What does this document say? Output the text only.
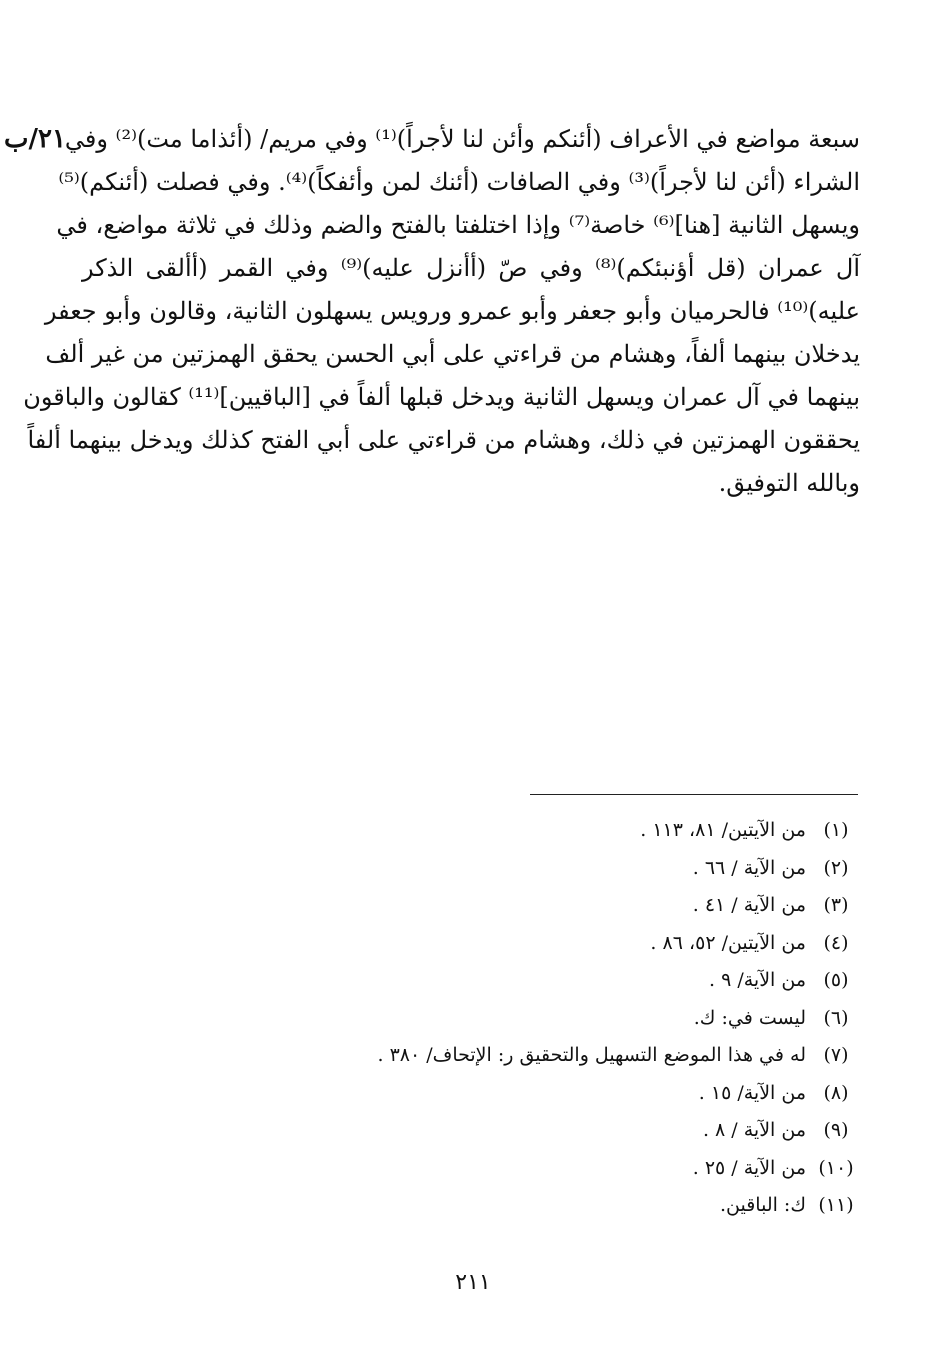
٢١/ب
سبعة مواضع في الأعراف (أئنكم وأئن لنا لأجراً)⁽¹⁾ وفي مريم/ (أئذاما مت)⁽²⁾ وفي
الشراء (أئن لنا لأجراً)⁽³⁾ وفي الصافات (أئنك لمن وأئفكاً)⁽⁴⁾. وفي فصلت (أئنكم)⁽⁵⁾
ويسهل الثانية [هنا]⁽⁶⁾ خاصة⁽⁷⁾ وإذا اختلفتا بالفتح والضم وذلك في ثلاثة مواضع، في
آل عمران (قل أؤنبئكم)⁽⁸⁾ وفي صّ (أأنزل عليه)⁽⁹⁾ وفي القمر (أألقى الذكر
عليه)⁽¹⁰⁾ فالحرميان وأبو جعفر وأبو عمرو ورويس يسهلون الثانية، وقالون وأبو جعفر
يدخلان بينهما ألفاً، وهشام من قراءتي على أبي الحسن يحقق الهمزتين من غير ألف
بينهما في آل عمران ويسهل الثانية ويدخل قبلها ألفاً في [الباقيين]⁽¹¹⁾ كقالون والباقون
يحققون الهمزتين في ذلك، وهشام من قراءتي على أبي الفتح كذلك ويدخل بينهما ألفاً
وبالله التوفيق.
(١)
من الآيتين/ ٨١، ١١٣ .
(٢)
من الآية / ٦٦ .
(٣)
من الآية / ٤١ .
(٤)
من الآيتين/ ٥٢، ٨٦ .
(٥)
من الآية/ ٩ .
(٦)
ليست في: ك.
(٧)
له في هذا الموضع التسهيل والتحقيق ر: الإتحاف/ ٣٨٠ .
(٨)
من الآية/ ١٥ .
(٩)
من الآية / ٨ .
(١٠)
من الآية / ٢٥ .
(١١)
ك: الباقين.
٢١١
